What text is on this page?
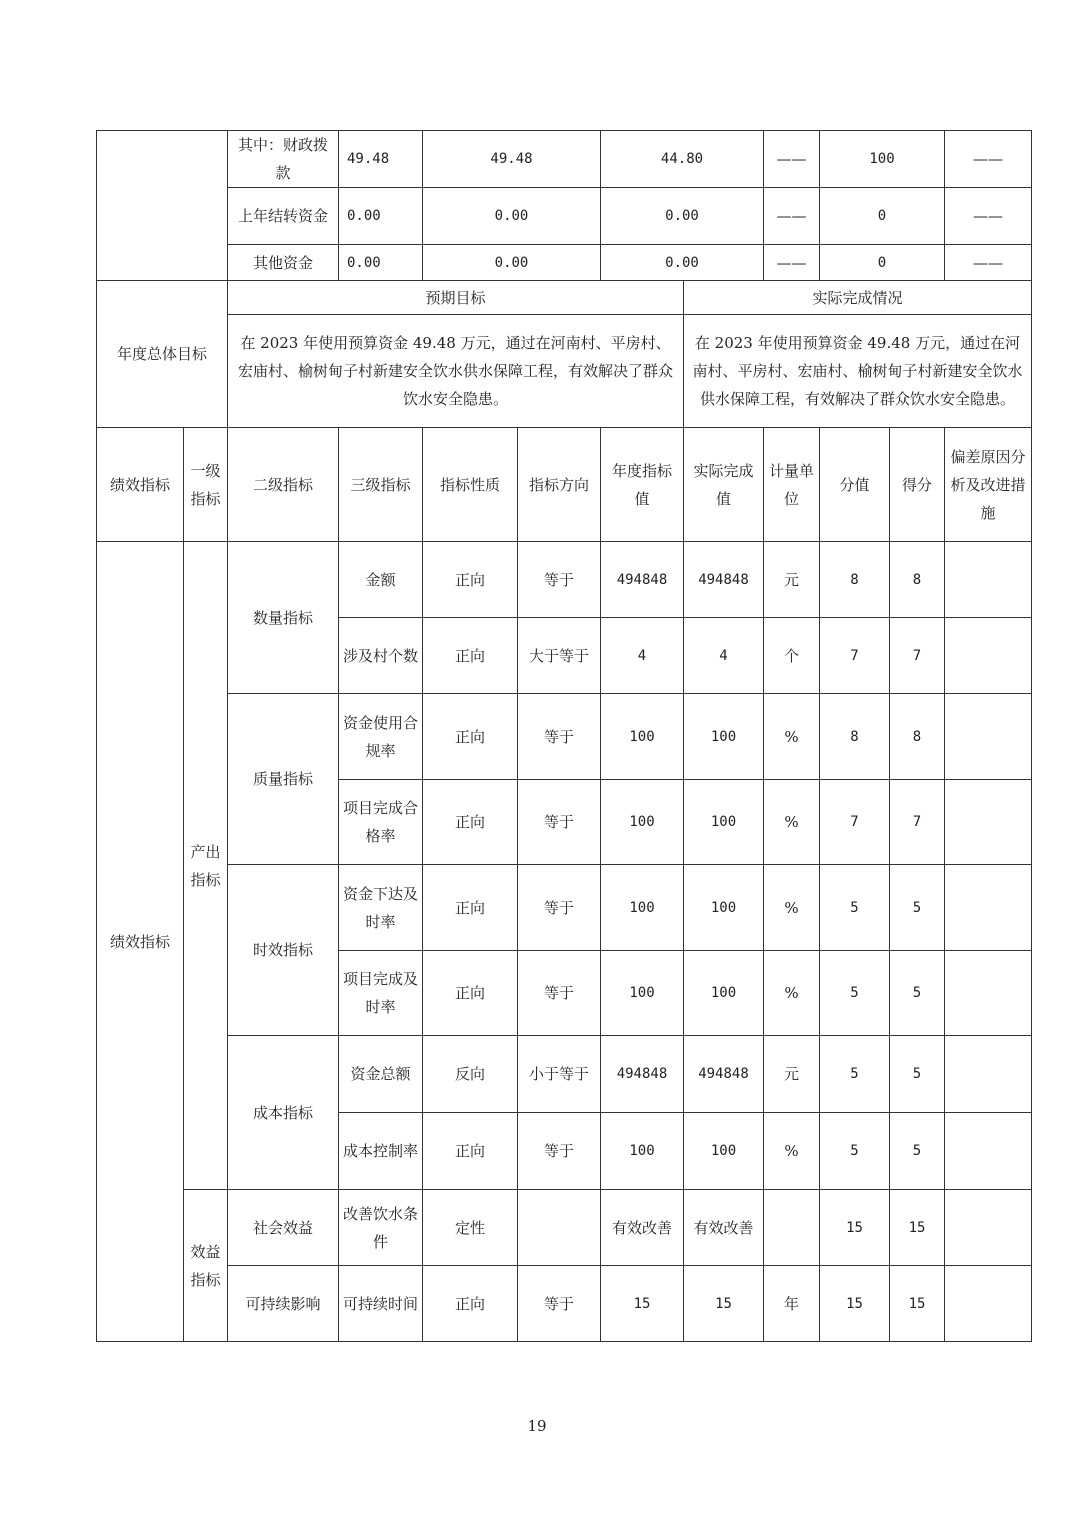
		其中：财政拨款	49.48	49.48		44.80		——	100		——
		上年结转资金	0.00	0.00		0.00		——	0		——
		其他资金	0.00	0.00		0.00		——	0		——
年度总体目标		预期目标					实际完成情况				
		在 2023 年使用预算资金 49.48 万元，通过在河南村、平房村、宏庙村、榆树甸子村新建安全饮水供水保障工程，有效解决了群众饮水安全隐患。					在 2023 年使用预算资金 49.48 万元，通过在河南村、平房村、宏庙村、榆树甸子村新建安全饮水供水保障工程，有效解决了群众饮水安全隐患。				
绩效指标	一级指标	二级指标	三级指标	指标性质	指标方向	年度指标值	实际完成值	计量单位	分值	得分	偏差原因分析及改进措施
绩效指标	产出指标	数量指标	金额	正向	等于	494848	494848	元	8	8	
			涉及村个数	正向	大于等于	4	4	个	7	7	
		质量指标	资金使用合规率	正向	等于	100	100	%	8	8	
			项目完成合格率	正向	等于	100	100	%	7	7	
		时效指标	资金下达及时率	正向	等于	100	100	%	5	5	
			项目完成及时率	正向	等于	100	100	%	5	5	
		成本指标	资金总额	反向	小于等于	494848	494848	元	5	5	
			成本控制率	正向	等于	100	100	%	5	5	
	效益指标	社会效益	改善饮水条件	定性		有效改善	有效改善		15	15	
		可持续影响	可持续时间	正向	等于	15	15	年	15	15	
19
